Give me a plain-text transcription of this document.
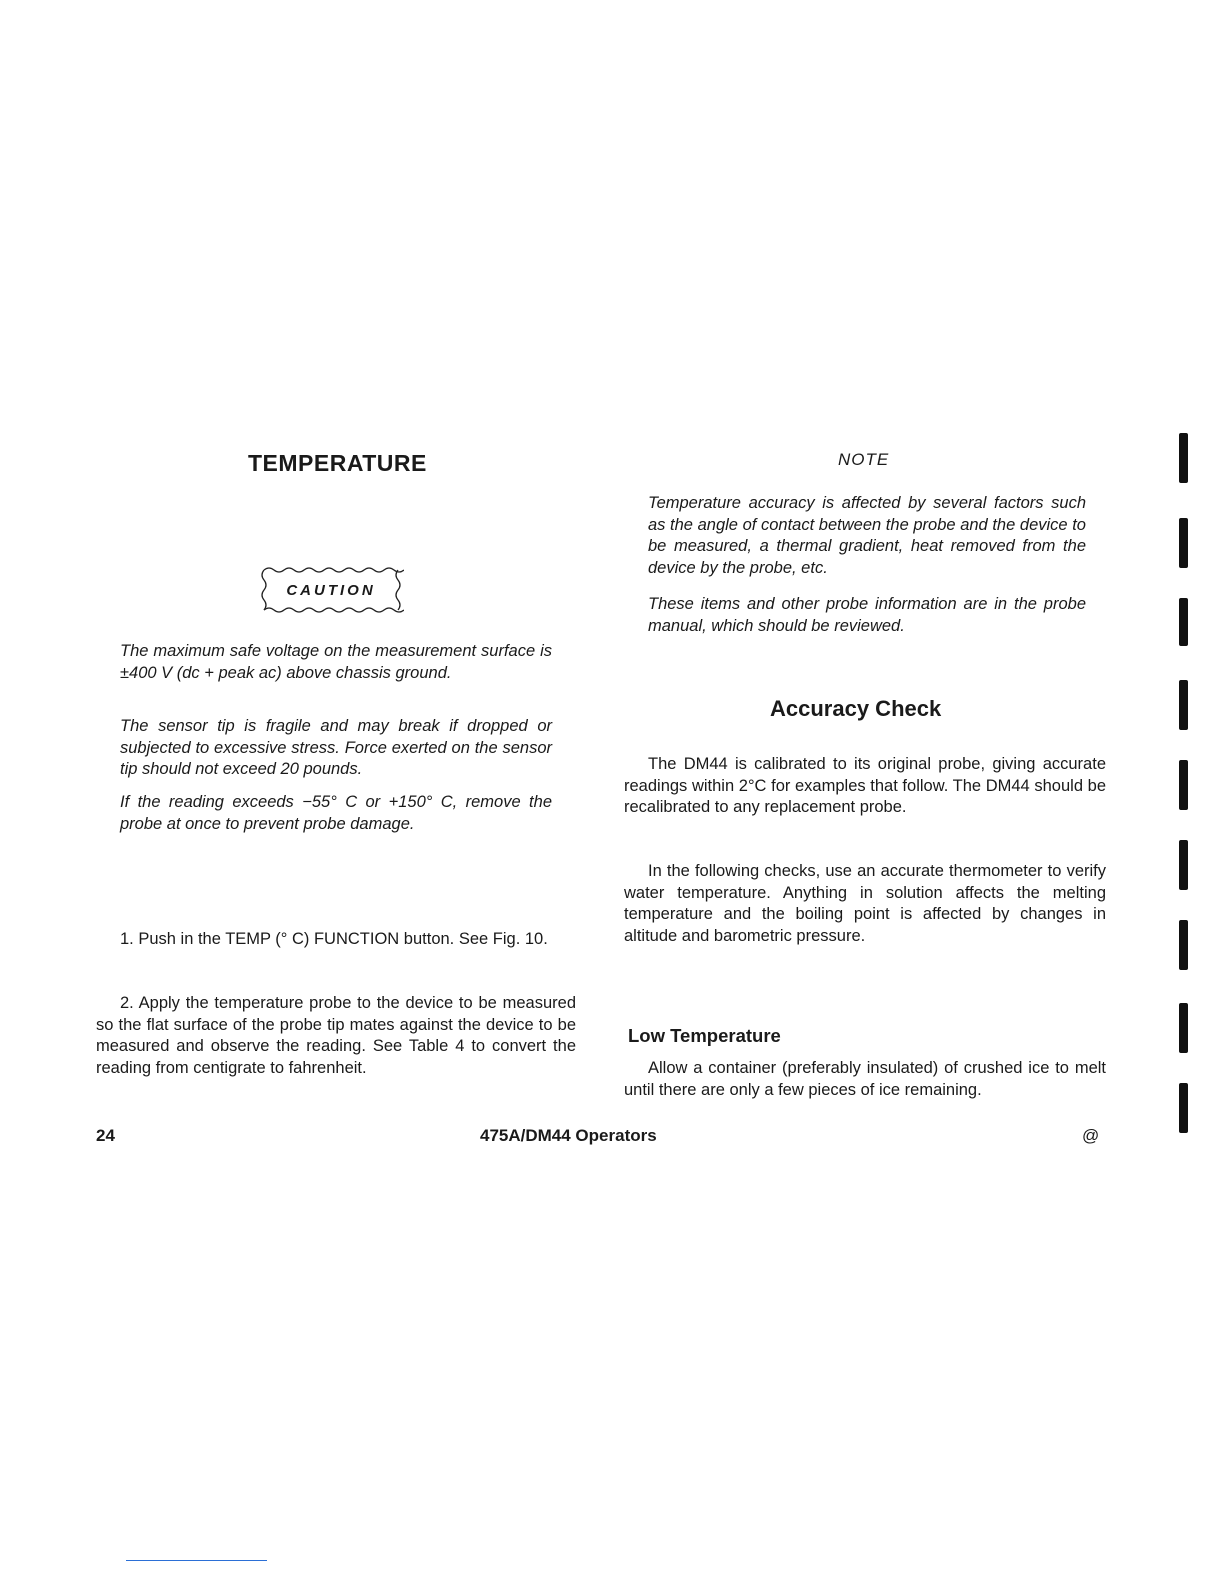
TEMPERATURE
CAUTION

The maximum safe voltage on the measurement surface is ±400 V (dc + peak ac) above chassis ground.

The sensor tip is fragile and may break if dropped or subjected to excessive stress. Force exerted on the sensor tip should not exceed 20 pounds.

If the reading exceeds −55° C or +150° C, remove the probe at once to prevent probe damage.

1. Push in the TEMP (° C) FUNCTION button. See Fig. 10.

2. Apply the temperature probe to the device to be measured so the flat surface of the probe tip mates against the device to be measured and observe the reading. See Table 4 to convert the reading from centigrate to fahrenheit.

NOTE

Temperature accuracy is affected by several factors such as the angle of contact between the probe and the device to be measured, a thermal gradient, heat removed from the device by the probe, etc.

These items and other probe information are in the probe manual, which should be reviewed.

Accuracy Check

The DM44 is calibrated to its original probe, giving accurate readings within 2°C for examples that follow. The DM44 should be recalibrated to any replacement probe.

In the following checks, use an accurate thermometer to verify water temperature. Anything in solution affects the melting temperature and the boiling point is affected by changes in altitude and barometric pressure.

Low Temperature

Allow a container (preferably insulated) of crushed ice to melt until there are only a few pieces of ice remaining.

24	475A/DM44 Operators	@
